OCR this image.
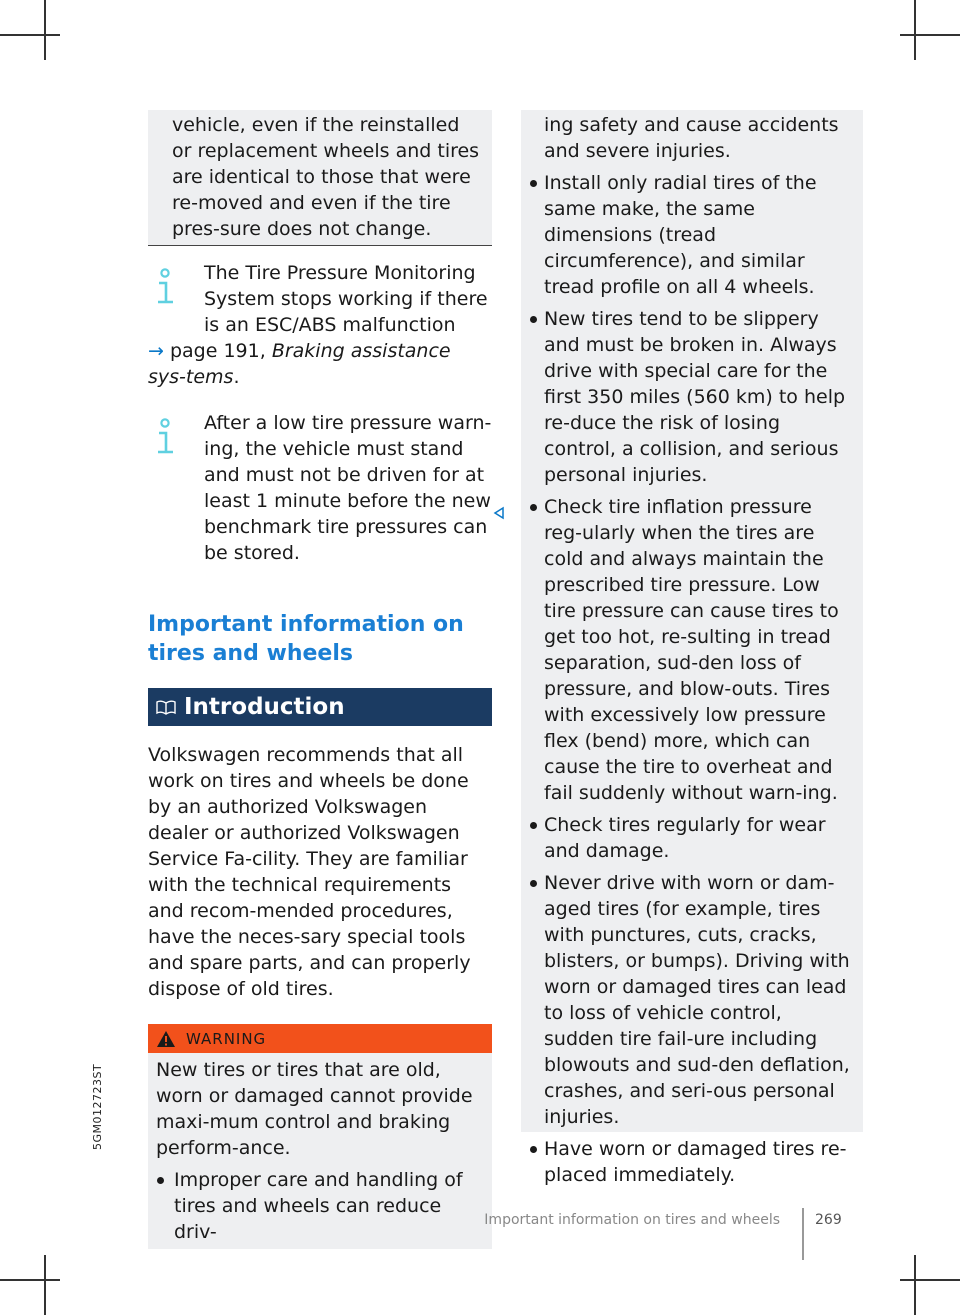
vehicle, even if the reinstalled or replacement wheels and tires are identical to those that were re-moved and even if the tire pres-sure does not change.

The Tire Pressure Monitoring System stops working if there is an ESC/ABS malfunction
→ page 191, Braking assistance sys-tems.

After a low tire pressure warn-ing, the vehicle must stand and must not be driven for at least 1 minute before the new benchmark tire pressures can be stored.

Important information on tires and wheels
Introduction

Volkswagen recommends that all work on tires and wheels be done by an authorized Volkswagen dealer or authorized Volkswagen Service Fa-cility. They are familiar with the technical requirements and recom-mended procedures, have the neces-sary special tools and spare parts, and can properly dispose of old tires.

WARNING

New tires or tires that are old, worn or damaged cannot provide maxi-mum control and braking perform-ance.

Improper care and handling of tires and wheels can reduce driv-

ing safety and cause accidents and severe injuries.

Install only radial tires of the same make, the same dimensions (tread circumference), and similar tread profile on all 4 wheels.

New tires tend to be slippery and must be broken in. Always drive with special care for the first 350 miles (560 km) to help re-duce the risk of losing control, a collision, and serious personal injuries.

Check tire inflation pressure reg-ularly when the tires are cold and always maintain the prescribed tire pressure. Low tire pressure can cause tires to get too hot, re-sulting in tread separation, sud-den loss of pressure, and blow-outs. Tires with excessively low pressure flex (bend) more, which can cause the tire to overheat and fail suddenly without warn-ing.

Check tires regularly for wear and damage.

Never drive with worn or dam-aged tires (for example, tires with punctures, cuts, cracks, blisters, or bumps). Driving with worn or damaged tires can lead to loss of vehicle control, sudden tire fail-ure including blowouts and sud-den deflation, crashes, and seri-ous personal injuries.

Have worn or damaged tires re-placed immediately.

5GM012723ST
Important information on tires and wheels	269
